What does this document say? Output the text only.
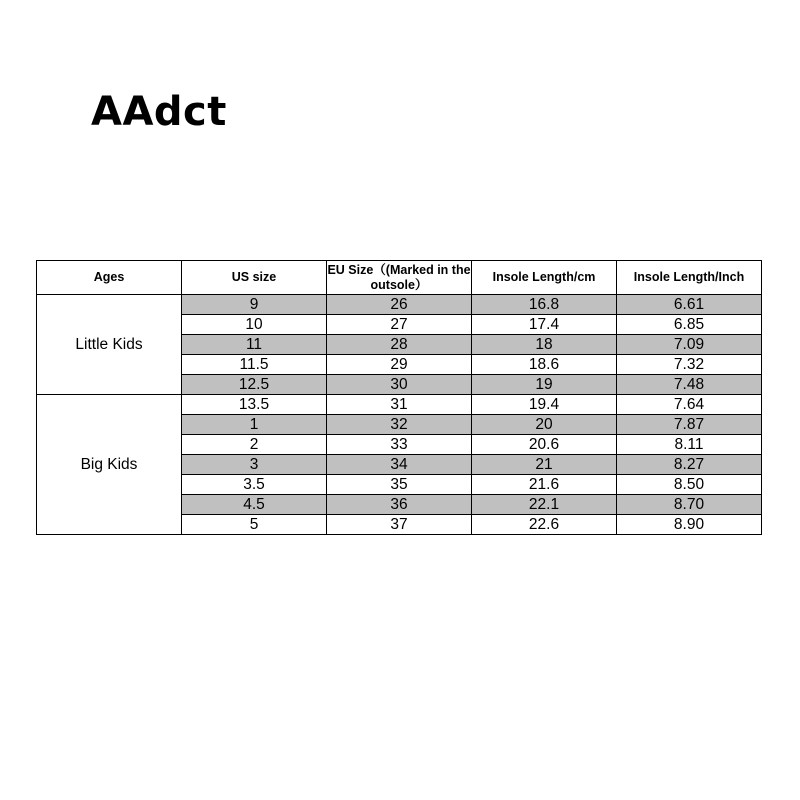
AAdct
Ages	US size	EU Size（(Marked in the outsole）	Insole Length/cm	Insole Length/Inch
Little Kids	9	26	16.8	6.61
	10	27	17.4	6.85
	11	28	18	7.09
	11.5	29	18.6	7.32
	12.5	30	19	7.48
Big Kids	13.5	31	19.4	7.64
	1	32	20	7.87
	2	33	20.6	8.11
	3	34	21	8.27
	3.5	35	21.6	8.50
	4.5	36	22.1	8.70
	5	37	22.6	8.90
